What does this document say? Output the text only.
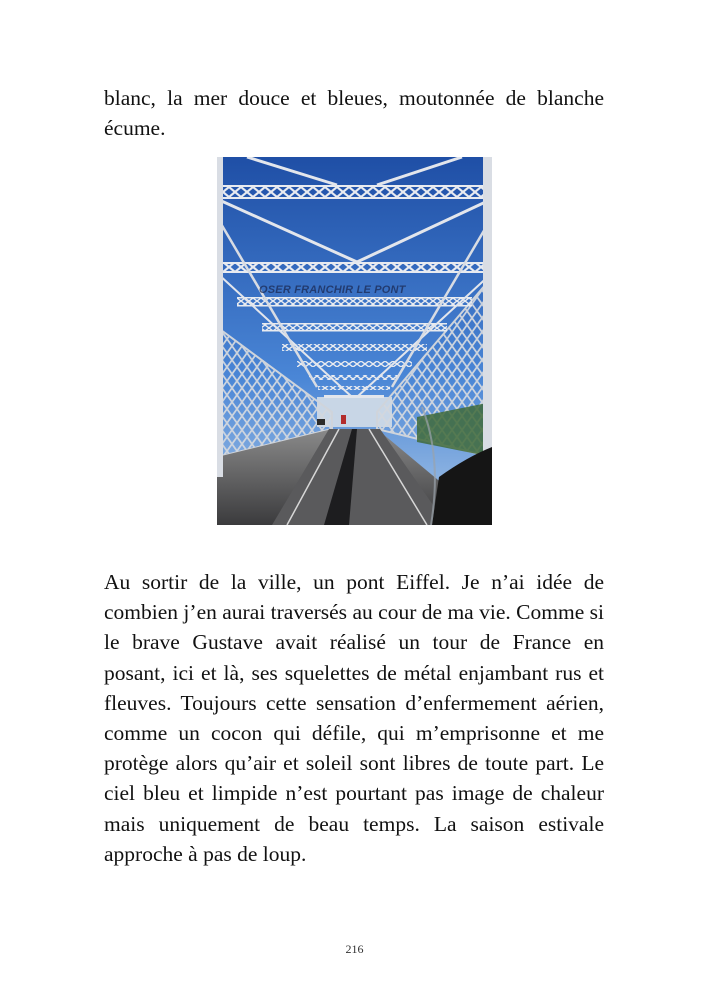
blanc, la mer douce et bleues, moutonnée de blanche écume.

OSER FRANCHIR LE PONT

Au sortir de la ville, un pont Eiffel. Je n’ai idée de combien j’en aurai traversés au cour de ma vie. Comme si le brave Gustave avait réalisé un tour de France en posant, ici et là, ses squelettes de métal enjambant rus et fleuves. Toujours cette sensation d’enfermement aérien, comme un cocon qui défile, qui m’emprisonne et me protège alors qu’air et soleil sont libres de toute part. Le ciel bleu et limpide n’est pourtant pas image de chaleur mais uniquement de beau temps. La saison estivale approche à pas de loup.

216
